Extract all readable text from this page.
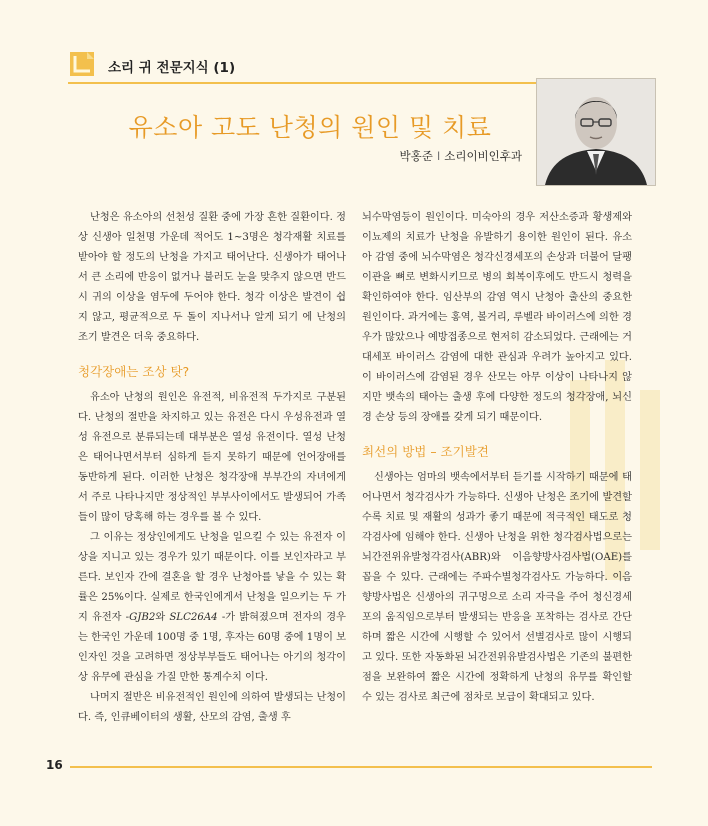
소리 귀 전문지식 (1)
유소아 고도 난청의 원인 및 치료
박홍준 I 소리이비인후과

난청은 유소아의 선천성 질환 중에 가장 흔한 질환이다. 정상 신생아 일천명 가운데 적어도 1~3명은 청각재활 치료를 받아야 할 정도의 난청을 가지고 태어난다. 신생아가 태어나서 큰 소리에 반응이 없거나 불러도 눈을 맞추지 않으면 반드시 귀의 이상을 염두에 두어야 한다. 청각 이상은 발견이 쉽지 않고, 평균적으로 두 돌이 지나서나 알게 되기 에 난청의 조기 발견은 더욱 중요하다.

청각장애는 조상 탓?

유소아 난청의 원인은 유전적, 비유전적 두가지로 구분된다. 난청의 절반을 차지하고 있는 유전은 다시 우성유전과 열성 유전으로 분류되는데 대부분은 열성 유전이다. 열성 난청은 태어나면서부터 심하게 듣지 못하기 때문에 언어장애를 동반하게 된다. 이러한 난청은 청각장애 부부간의 자녀에게서 주로 나타나지만 정상적인 부부사이에서도 발생되어 가족들이 많이 당혹해 하는 경우를 볼 수 있다.

그 이유는 정상인에게도 난청을 일으킬 수 있는 유전자 이상을 지니고 있는 경우가 있기 때문이다. 이를 보인자라고 부른다. 보인자 간에 결혼을 할 경우 난청아를 낳을 수 있는 확률은 25%이다. 실제로 한국인에게서 난청을 일으키는 두 가지 유전자 -GJB2와 SLC26A4 -가 밝혀졌으며 전자의 경우는 한국인 가운데 100명 중 1명, 후자는 60명 중에 1명이 보인자인 것을 고려하면 정상부부들도 태어나는 아기의 청각이상 유무에 관심을 가질 만한 통계수치 이다.

나머지 절반은 비유전적인 원인에 의하여 발생되는 난청이다. 즉, 인큐베이터의 생활, 산모의 감염, 출생 후

뇌수막염등이 원인이다. 미숙아의 경우 저산소증과 황생제와 이뇨제의 치료가 난청을 유발하기 용이한 원인이 된다. 유소아 감염 중에 뇌수막염은 청각신경세포의 손상과 더불어 달팽이관을 뼈로 변화시키므로 병의 회복이후에도 반드시 청력을 확인하여야 한다. 임산부의 감염 역시 난청아 출산의 중요한 원인이다. 과거에는 홍역, 볼거리, 루벨라 바이러스에 의한 경우가 많았으나 예방접종으로 현저히 감소되었다. 근래에는 거대세포 바이러스 감염에 대한 관심과 우려가 높아지고 있다. 이 바이러스에 감염된 경우 산모는 아무 이상이 나타나지 않지만 뱃속의 태아는 출생 후에 다양한 정도의 청각장애, 뇌신경 손상 등의 장애를 갖게 되기 때문이다.

최선의 방법 – 조기발견

신생아는 엄마의 뱃속에서부터 듣기를 시작하기 때문에 태어나면서 청각검사가 가능하다. 신생아 난청은 조기에 발견할수록 치료 및 재활의 성과가 좋기 때문에 적극적인 태도로 청각검사에 임해야 한다. 신생아 난청을 위한 청각검사법으로는 뇌간전위유발청각검사(ABR)와 이음향방사검사법(OAE)를 꼽을 수 있다. 근래에는 주파수별청각검사도 가능하다. 이음향방사법은 신생아의 귀구멍으로 소리 자극을 주어 청신경세포의 움직임으로부터 발생되는 반응을 포착하는 검사로 간단하며 짧은 시간에 시행할 수 있어서 선별검사로 많이 시행되고 있다. 또한 자동화된 뇌간전위유발검사법은 기존의 불편한 점을 보완하여 짧은 시간에 정확하게 난청의 유무를 확인할 수 있는 검사로 최근에 점차로 보급이 확대되고 있다.

16
